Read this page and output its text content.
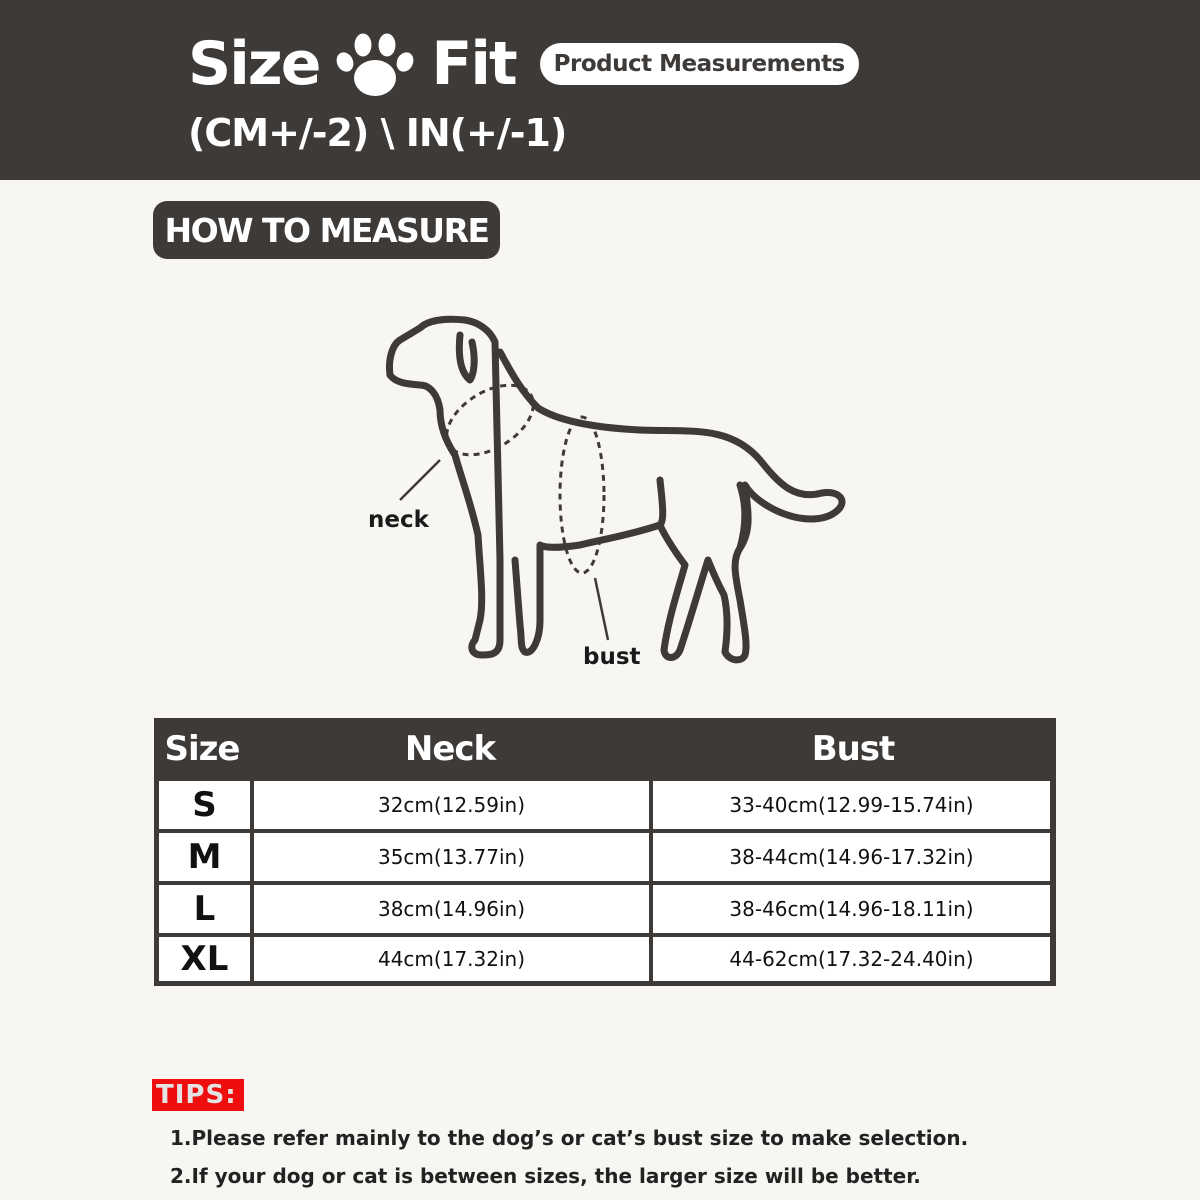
Size Fit	Product Measurements
(CM+/-2) \ IN(+/-1)
HOW TO MEASURE
neck
bust
Size	Neck	Bust
S	32cm(12.59in)	33-40cm(12.99-15.74in)
M	35cm(13.77in)	38-44cm(14.96-17.32in)
L	38cm(14.96in)	38-46cm(14.96-18.11in)
XL	44cm(17.32in)	44-62cm(17.32-24.40in)
TIPS:
1.Please refer mainly to the dog’s or cat’s bust size to make selection.
2.If your dog or cat is between sizes, the larger size will be better.
